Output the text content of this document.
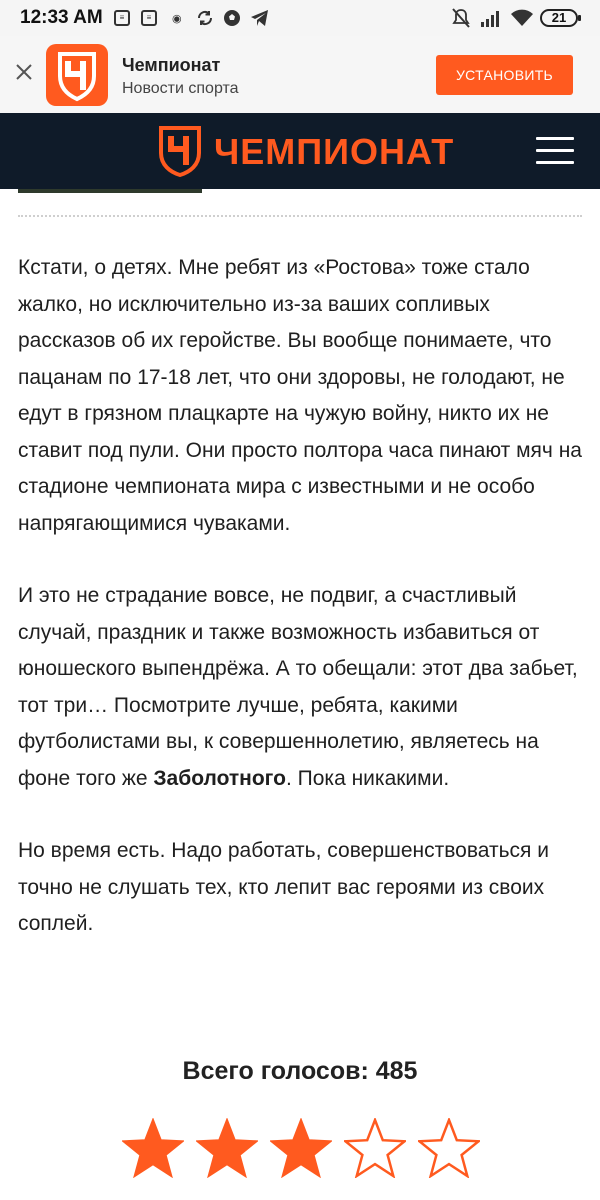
12:33 AM	≡	≡	◉	21
Чемпионат
Новости спорта
УСТАНОВИТЬ
ЧЕМПИОНАТ

Кстати, о детях. Мне ребят из «Ростова» тоже стало жалко, но исключительно из-за ваших сопливых рассказов об их геройстве. Вы вообще понимаете, что пацанам по 17-18 лет, что они здоровы, не голодают, не едут в грязном плацкарте на чужую войну, никто их не ставит под пули. Они просто полтора часа пинают мяч на стадионе чемпионата мира с известными и не особо напрягающимися чуваками.

И это не страдание вовсе, не подвиг, а счастливый случай, праздник и также возможность избавиться от юношеского выпендрёжа. А то обещали: этот два забьет, тот три… Посмотрите лучше, ребята, какими футболистами вы, к совершеннолетию, являетесь на фоне того же Заболотного. Пока никакими.

Но время есть. Надо работать, совершенствоваться и точно не слушать тех, кто лепит вас героями из своих соплей.

Всего голосов: 485
